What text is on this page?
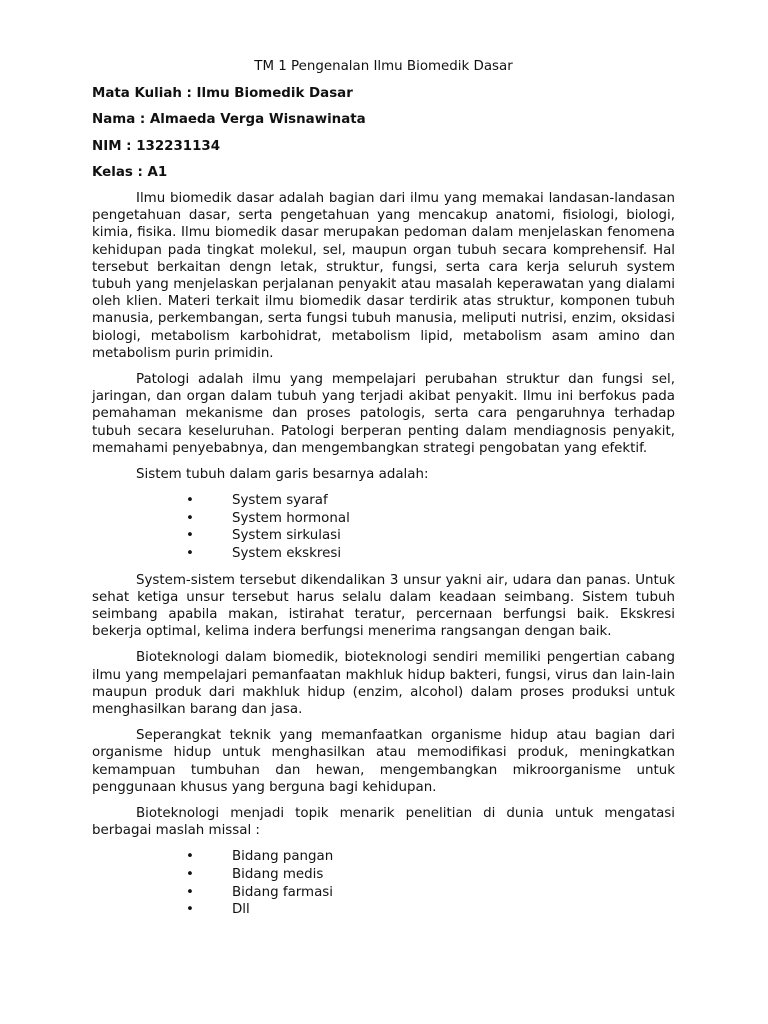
TM 1 Pengenalan Ilmu Biomedik Dasar
Mata Kuliah : Ilmu Biomedik Dasar
Nama : Almaeda Verga Wisnawinata
NIM : 132231134
Kelas : A1

Ilmu biomedik dasar adalah bagian dari ilmu yang memakai landasan-landasan pengetahuan dasar, serta pengetahuan yang mencakup anatomi, fisiologi, biologi, kimia, fisika. Ilmu biomedik dasar merupakan pedoman dalam menjelaskan fenomena kehidupan pada tingkat molekul, sel, maupun organ tubuh secara komprehensif. Hal tersebut berkaitan dengn letak, struktur, fungsi, serta cara kerja seluruh system tubuh yang menjelaskan perjalanan penyakit atau masalah keperawatan yang dialami oleh klien. Materi terkait ilmu biomedik dasar terdirik atas struktur, komponen tubuh manusia, perkembangan, serta fungsi tubuh manusia, meliputi nutrisi, enzim, oksidasi biologi, metabolism karbohidrat, metabolism lipid, metabolism asam amino dan metabolism purin primidin.

Patologi adalah ilmu yang mempelajari perubahan struktur dan fungsi sel, jaringan, dan organ dalam tubuh yang terjadi akibat penyakit. Ilmu ini berfokus pada pemahaman mekanisme dan proses patologis, serta cara pengaruhnya terhadap tubuh secara keseluruhan. Patologi berperan penting dalam mendiagnosis penyakit, memahami penyebabnya, dan mengembangkan strategi pengobatan yang efektif.

Sistem tubuh dalam garis besarnya adalah:

•	System syaraf
•	System hormonal
•	System sirkulasi
•	System ekskresi

System-sistem tersebut dikendalikan 3 unsur yakni air, udara dan panas. Untuk sehat ketiga unsur tersebut harus selalu dalam keadaan seimbang. Sistem tubuh seimbang apabila makan, istirahat teratur, percernaan berfungsi baik. Ekskresi bekerja optimal, kelima indera berfungsi menerima rangsangan dengan baik.

Bioteknologi dalam biomedik, bioteknologi sendiri memiliki pengertian cabang ilmu yang mempelajari pemanfaatan makhluk hidup bakteri, fungsi, virus dan lain-lain maupun produk dari makhluk hidup (enzim, alcohol) dalam proses produksi untuk menghasilkan barang dan jasa.

Seperangkat teknik yang memanfaatkan organisme hidup atau bagian dari organisme hidup untuk menghasilkan atau memodifikasi produk, meningkatkan kemampuan tumbuhan dan hewan, mengembangkan mikroorganisme untuk penggunaan khusus yang berguna bagi kehidupan.

Bioteknologi menjadi topik menarik penelitian di dunia untuk mengatasi berbagai maslah missal :

•	Bidang pangan
•	Bidang medis
•	Bidang farmasi
•	Dll
